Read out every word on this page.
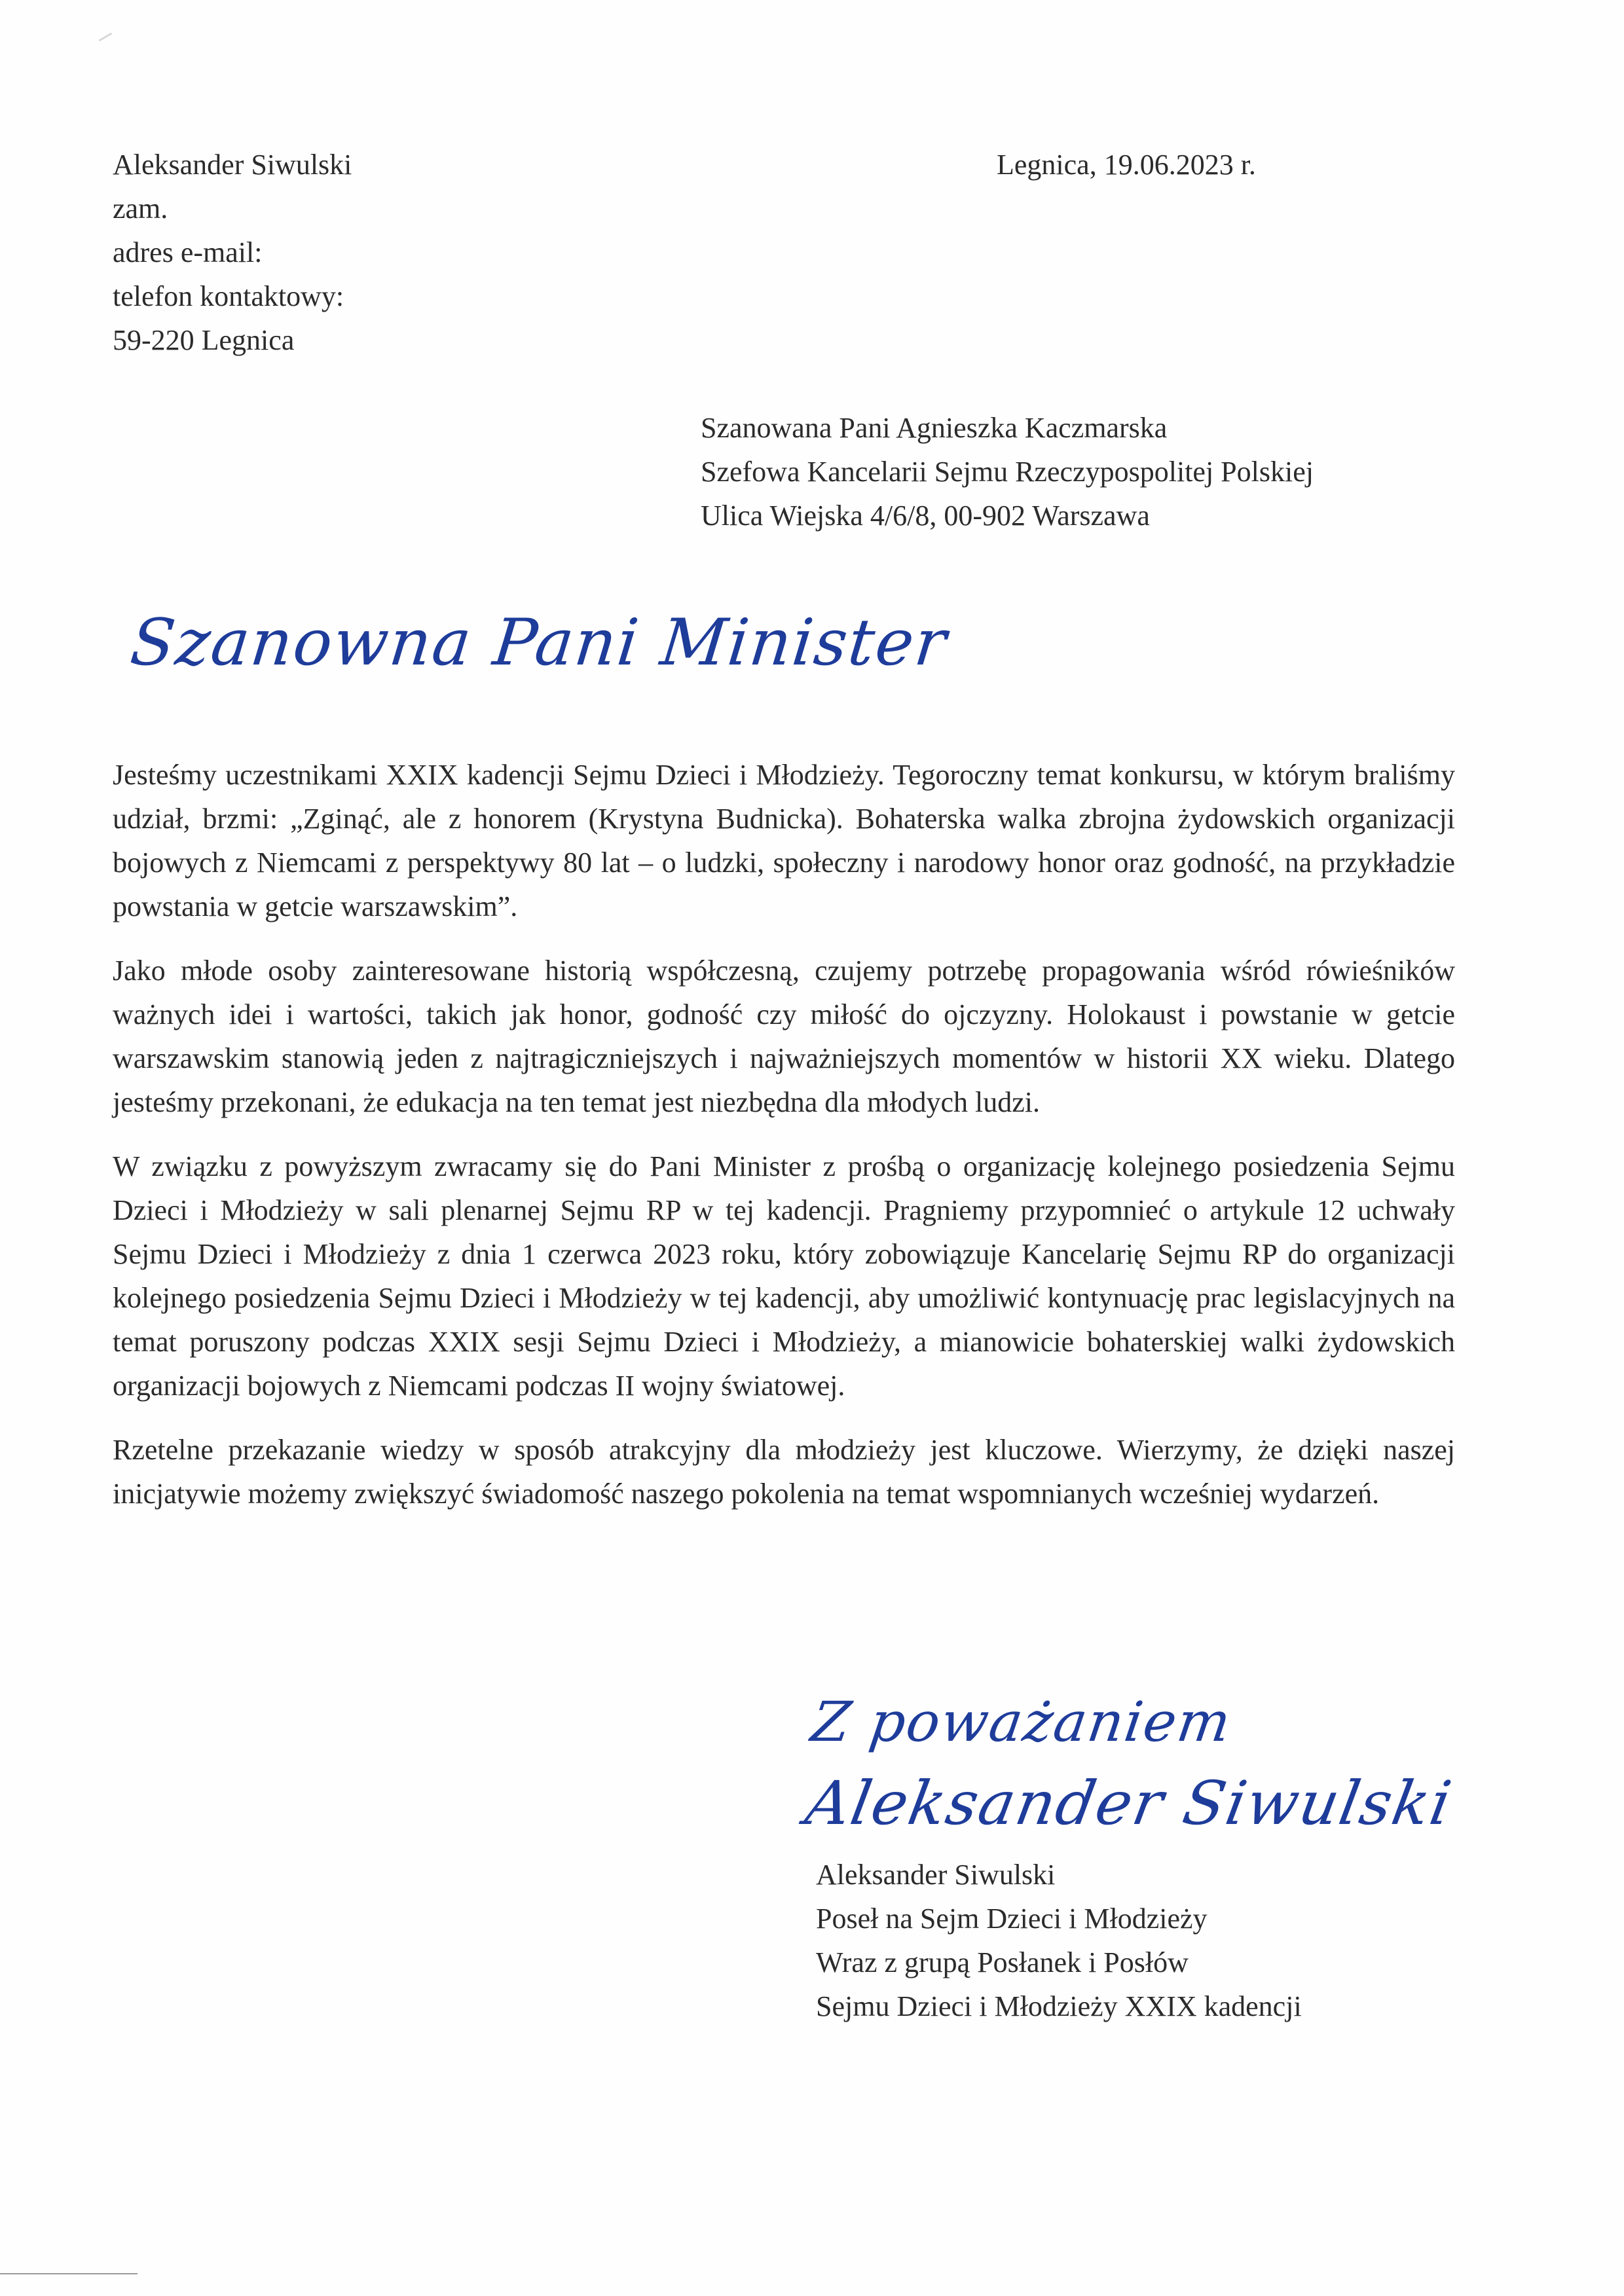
Aleksander Siwulski
zam.
adres e-mail:
telefon kontaktowy:
59-220 Legnica
Legnica, 19.06.2023 r.
Szanowana Pani Agnieszka Kaczmarska
Szefowa Kancelarii Sejmu Rzeczypospolitej Polskiej
Ulica Wiejska 4/6/8, 00-902 Warszawa
Szanowna Pani Minister

Jesteśmy uczestnikami XXIX kadencji Sejmu Dzieci i Młodzieży. Tegoroczny temat konkursu, w którym braliśmy udział, brzmi: „Zginąć, ale z honorem (Krystyna Budnicka). Bohaterska walka zbrojna żydowskich organizacji bojowych z Niemcami z perspektywy 80 lat – o ludzki, społeczny i narodowy honor oraz godność, na przykładzie powstania w getcie warszawskim”.

Jako młode osoby zainteresowane historią współczesną, czujemy potrzebę propagowania wśród rówieśników ważnych idei i wartości, takich jak honor, godność czy miłość do ojczyzny. Holokaust i powstanie w getcie warszawskim stanowią jeden z najtragiczniejszych i najważniejszych momentów w historii XX wieku. Dlatego jesteśmy przekonani, że edukacja na ten temat jest niezbędna dla młodych ludzi.

W związku z powyższym zwracamy się do Pani Minister z prośbą o organizację kolejnego posiedzenia Sejmu Dzieci i Młodzieży w sali plenarnej Sejmu RP w tej kadencji. Pragniemy przypomnieć o artykule 12 uchwały Sejmu Dzieci i Młodzieży z dnia 1 czerwca 2023 roku, który zobowiązuje Kancelarię Sejmu RP do organizacji kolejnego posiedzenia Sejmu Dzieci i Młodzieży w tej kadencji, aby umożliwić kontynuację prac legislacyjnych na temat poruszony podczas XXIX sesji Sejmu Dzieci i Młodzieży, a mianowicie bohaterskiej walki żydowskich organizacji bojowych z Niemcami podczas II wojny światowej.

Rzetelne przekazanie wiedzy w sposób atrakcyjny dla młodzieży jest kluczowe. Wierzymy, że dzięki naszej inicjatywie możemy zwiększyć świadomość naszego pokolenia na temat wspomnianych wcześniej wydarzeń.

Z poważaniem
Aleksander Siwulski
Aleksander Siwulski
Poseł na Sejm Dzieci i Młodzieży
Wraz z grupą Posłanek i Posłów
Sejmu Dzieci i Młodzieży XXIX kadencji
